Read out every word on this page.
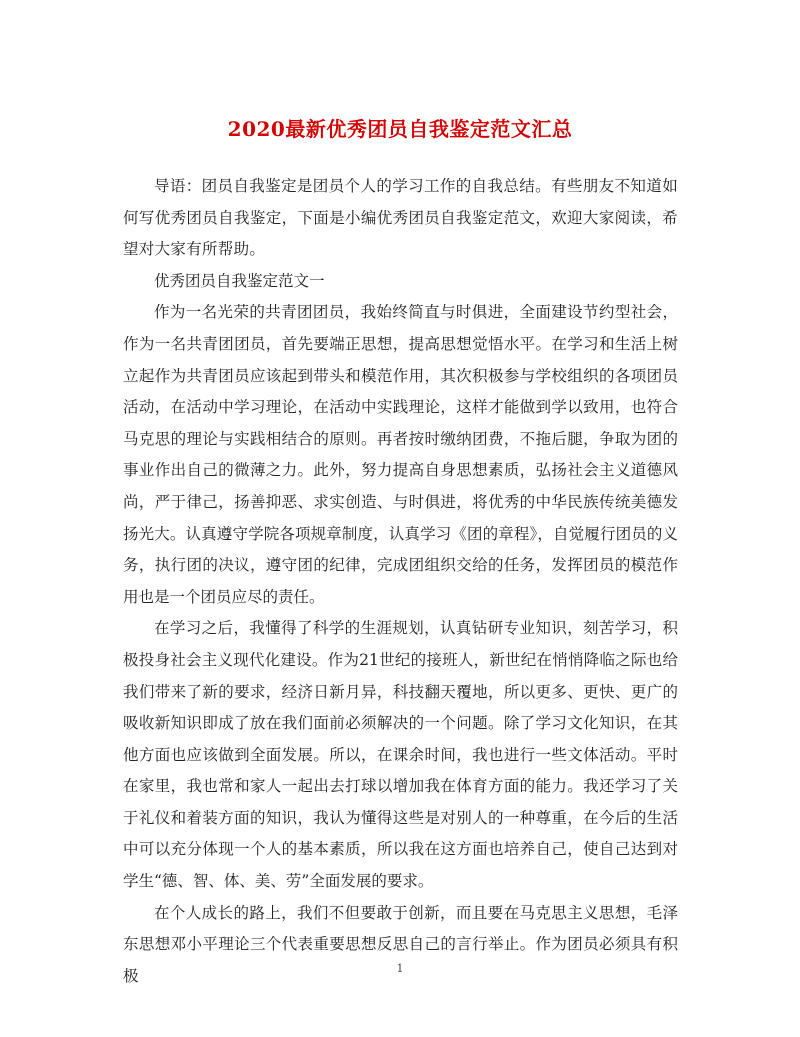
2020最新优秀团员自我鉴定范文汇总

导语：团员自我鉴定是团员个人的学习工作的自我总结。有些朋友不知道如何写优秀团员自我鉴定，下面是小编优秀团员自我鉴定范文，欢迎大家阅读，希望对大家有所帮助。

优秀团员自我鉴定范文一

作为一名光荣的共青团团员，我始终简直与时俱进，全面建设节约型社会，作为一名共青团团员，首先要端正思想，提高思想觉悟水平。在学习和生活上树立起作为共青团员应该起到带头和模范作用，其次积极参与学校组织的各项团员活动，在活动中学习理论，在活动中实践理论，这样才能做到学以致用，也符合马克思的理论与实践相结合的原则。再者按时缴纳团费，不拖后腿，争取为团的事业作出自己的微薄之力。此外，努力提高自身思想素质，弘扬社会主义道德风尚，严于律己，扬善抑恶、求实创造、与时俱进，将优秀的中华民族传统美德发扬光大。认真遵守学院各项规章制度，认真学习《团的章程》，自觉履行团员的义务，执行团的决议，遵守团的纪律，完成团组织交给的任务，发挥团员的模范作用也是一个团员应尽的责任。

在学习之后，我懂得了科学的生涯规划，认真钻研专业知识，刻苦学习，积极投身社会主义现代化建设。作为21世纪的接班人，新世纪在悄悄降临之际也给我们带来了新的要求，经济日新月异，科技翻天覆地，所以更多、更快、更广的吸收新知识即成了放在我们面前必须解决的一个问题。除了学习文化知识，在其他方面也应该做到全面发展。所以，在课余时间，我也进行一些文体活动。平时在家里，我也常和家人一起出去打球以增加我在体育方面的能力。我还学习了关于礼仪和着装方面的知识，我认为懂得这些是对别人的一种尊重，在今后的生活中可以充分体现一个人的基本素质，所以我在这方面也培养自己，使自己达到对学生“德、智、体、美、劳”全面发展的要求。

在个人成长的路上，我们不但要敢于创新，而且要在马克思主义思想，毛泽东思想邓小平理论三个代表重要思想反思自己的言行举止。作为团员必须具有积极	1
